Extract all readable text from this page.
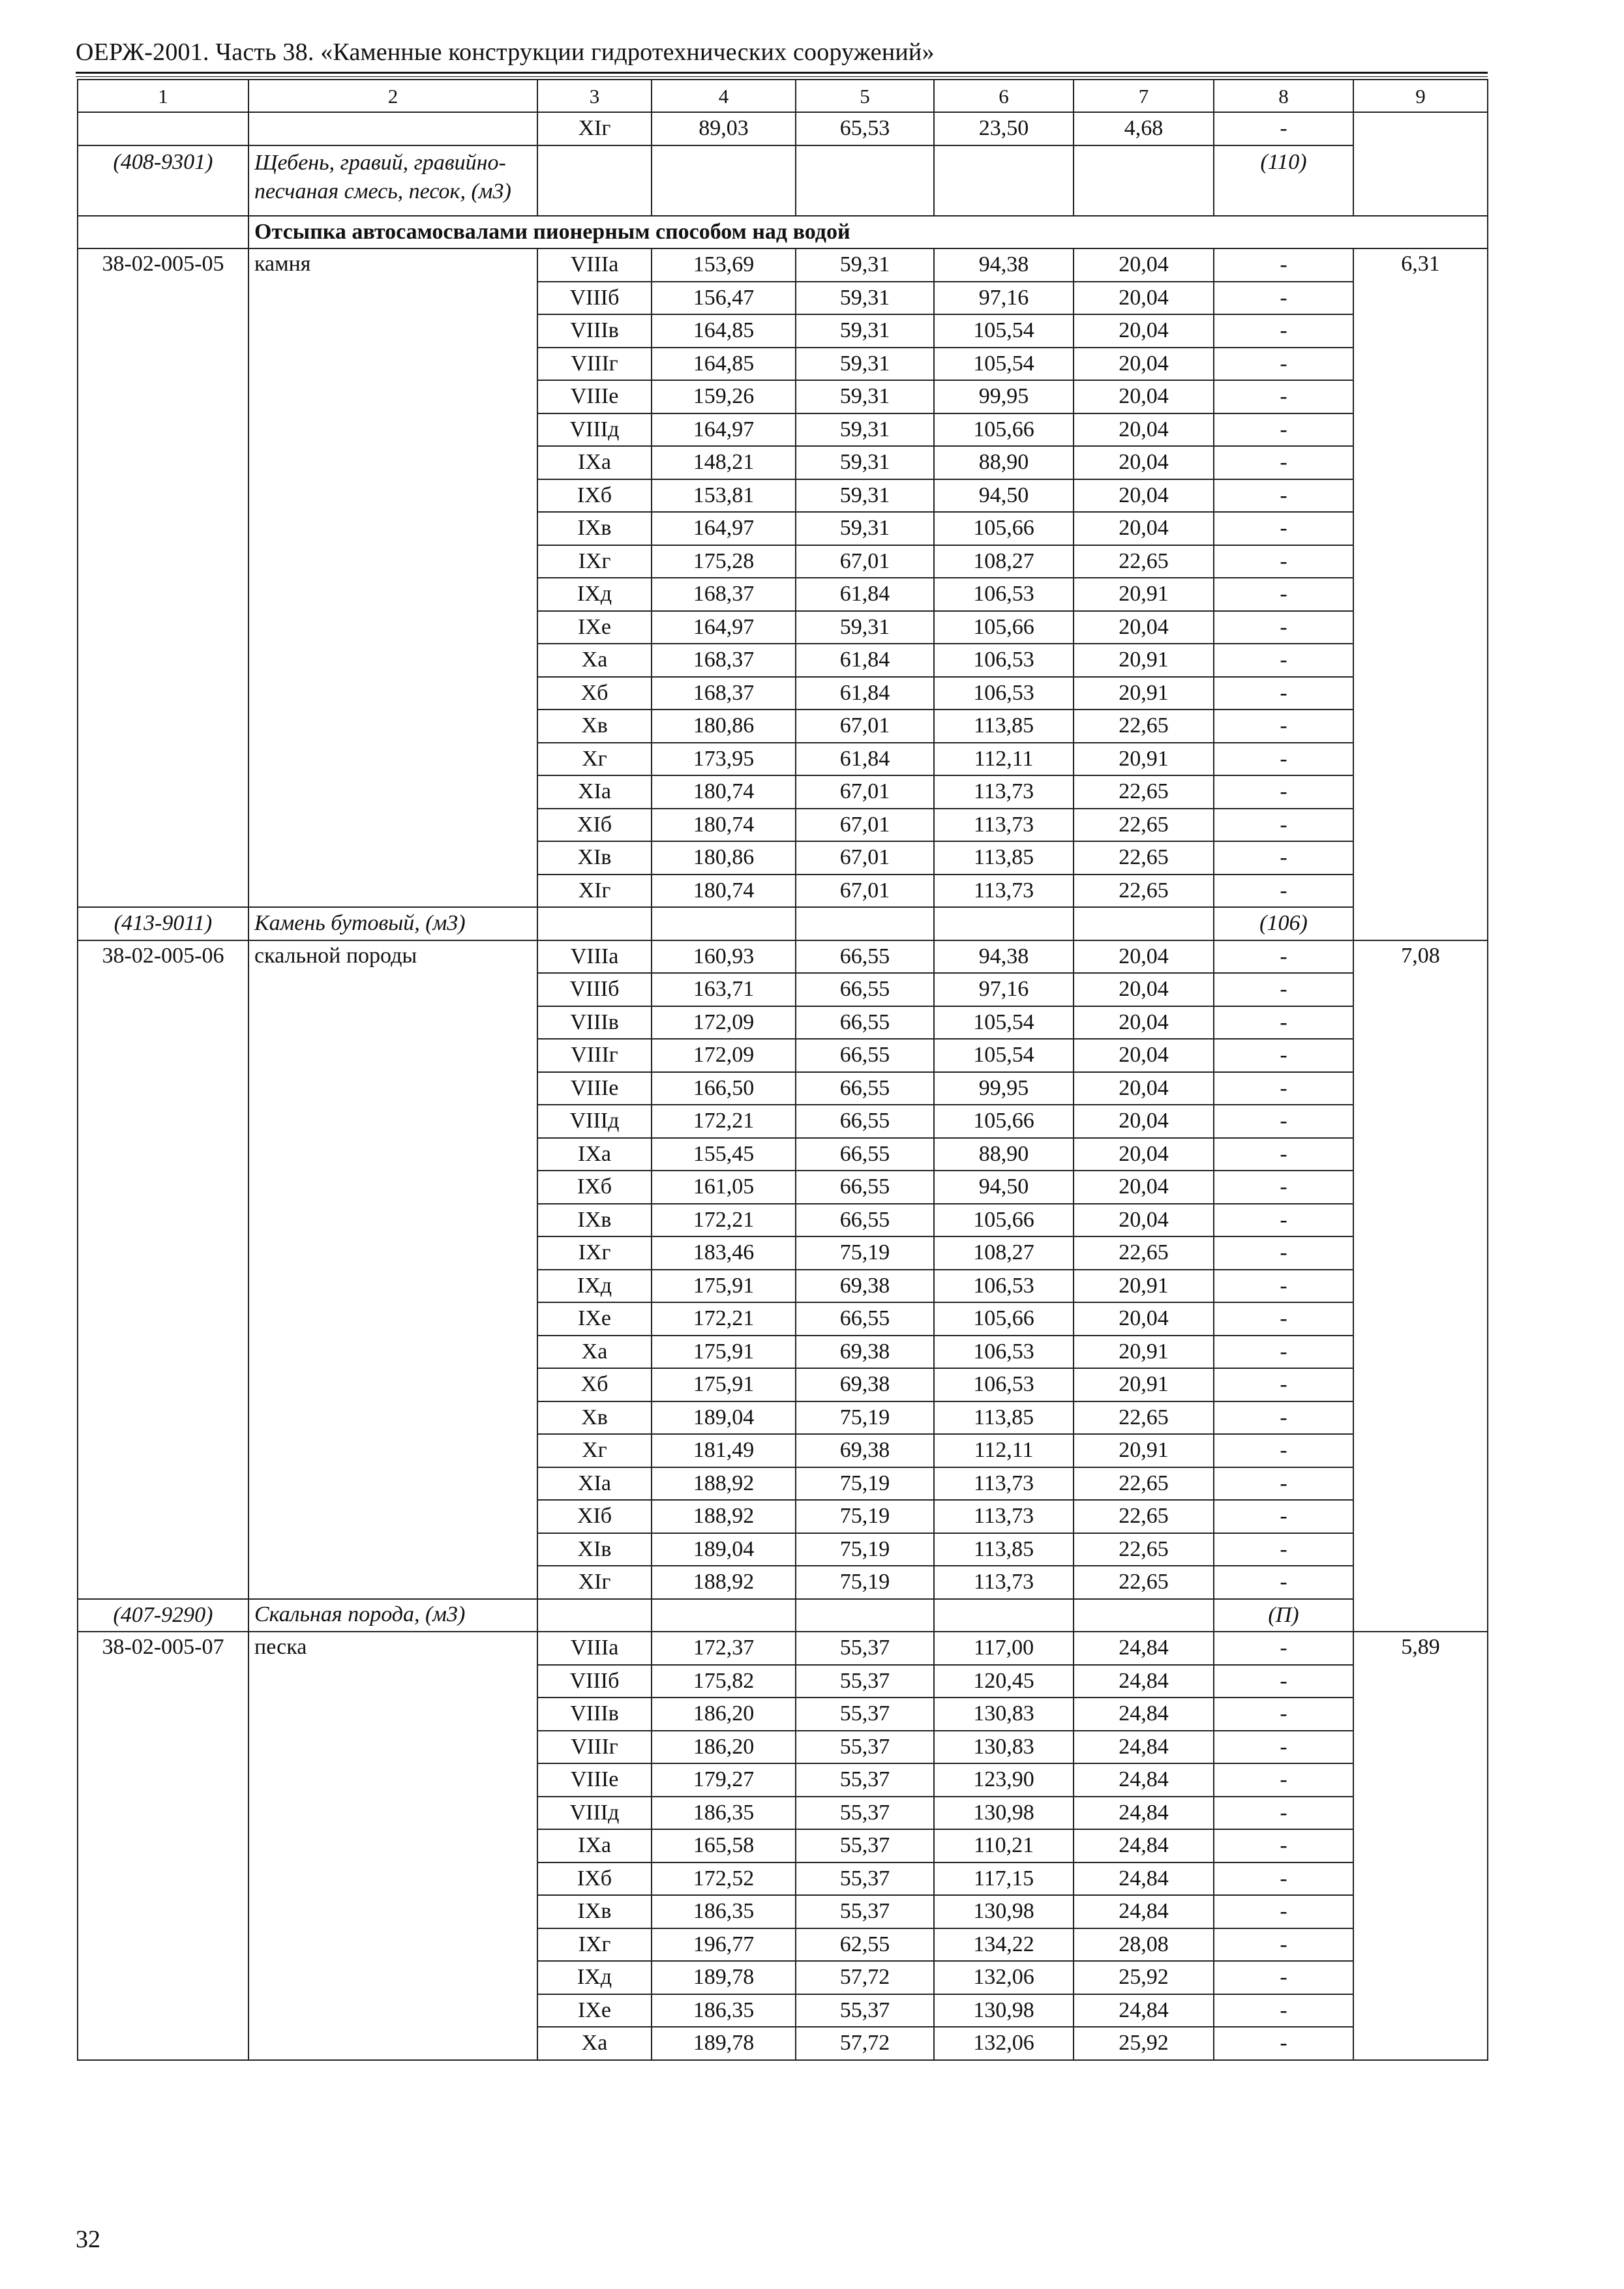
ОЕРЖ-2001. Часть 38. «Каменные конструкции гидротехнических сооружений»
1	2	3	4	5	6	7	8	9
		XIг	89,03	65,53	23,50	4,68	-	
(408-9301)	Щебень, гравий, гравийно-песчаная смесь, песок, (м3)						(110)	
	Отсыпка автосамосвалами пионерным способом над водой							
38-02-005-05	камня	VIIIа	153,69	59,31	94,38	20,04	-	6,31
		VIIIб	156,47	59,31	97,16	20,04	-	
		VIIIв	164,85	59,31	105,54	20,04	-	
		VIIIг	164,85	59,31	105,54	20,04	-	
		VIIIе	159,26	59,31	99,95	20,04	-	
		VIIIд	164,97	59,31	105,66	20,04	-	
		IXа	148,21	59,31	88,90	20,04	-	
		IXб	153,81	59,31	94,50	20,04	-	
		IXв	164,97	59,31	105,66	20,04	-	
		IXг	175,28	67,01	108,27	22,65	-	
		IXд	168,37	61,84	106,53	20,91	-	
		IXе	164,97	59,31	105,66	20,04	-	
		Xа	168,37	61,84	106,53	20,91	-	
		Xб	168,37	61,84	106,53	20,91	-	
		Xв	180,86	67,01	113,85	22,65	-	
		Xг	173,95	61,84	112,11	20,91	-	
		XIа	180,74	67,01	113,73	22,65	-	
		XIб	180,74	67,01	113,73	22,65	-	
		XIв	180,86	67,01	113,85	22,65	-	
		XIг	180,74	67,01	113,73	22,65	-	
(413-9011)	Камень бутовый, (м3)						(106)	
38-02-005-06	скальной породы	VIIIа	160,93	66,55	94,38	20,04	-	7,08
		VIIIб	163,71	66,55	97,16	20,04	-	
		VIIIв	172,09	66,55	105,54	20,04	-	
		VIIIг	172,09	66,55	105,54	20,04	-	
		VIIIе	166,50	66,55	99,95	20,04	-	
		VIIIд	172,21	66,55	105,66	20,04	-	
		IXа	155,45	66,55	88,90	20,04	-	
		IXб	161,05	66,55	94,50	20,04	-	
		IXв	172,21	66,55	105,66	20,04	-	
		IXг	183,46	75,19	108,27	22,65	-	
		IXд	175,91	69,38	106,53	20,91	-	
		IXе	172,21	66,55	105,66	20,04	-	
		Xа	175,91	69,38	106,53	20,91	-	
		Xб	175,91	69,38	106,53	20,91	-	
		Xв	189,04	75,19	113,85	22,65	-	
		Xг	181,49	69,38	112,11	20,91	-	
		XIа	188,92	75,19	113,73	22,65	-	
		XIб	188,92	75,19	113,73	22,65	-	
		XIв	189,04	75,19	113,85	22,65	-	
		XIг	188,92	75,19	113,73	22,65	-	
(407-9290)	Скальная порода, (м3)						(П)	
38-02-005-07	песка	VIIIа	172,37	55,37	117,00	24,84	-	5,89
		VIIIб	175,82	55,37	120,45	24,84	-	
		VIIIв	186,20	55,37	130,83	24,84	-	
		VIIIг	186,20	55,37	130,83	24,84	-	
		VIIIе	179,27	55,37	123,90	24,84	-	
		VIIIд	186,35	55,37	130,98	24,84	-	
		IXа	165,58	55,37	110,21	24,84	-	
		IXб	172,52	55,37	117,15	24,84	-	
		IXв	186,35	55,37	130,98	24,84	-	
		IXг	196,77	62,55	134,22	28,08	-	
		IXд	189,78	57,72	132,06	25,92	-	
		IXе	186,35	55,37	130,98	24,84	-	
		Xа	189,78	57,72	132,06	25,92	-	
32
